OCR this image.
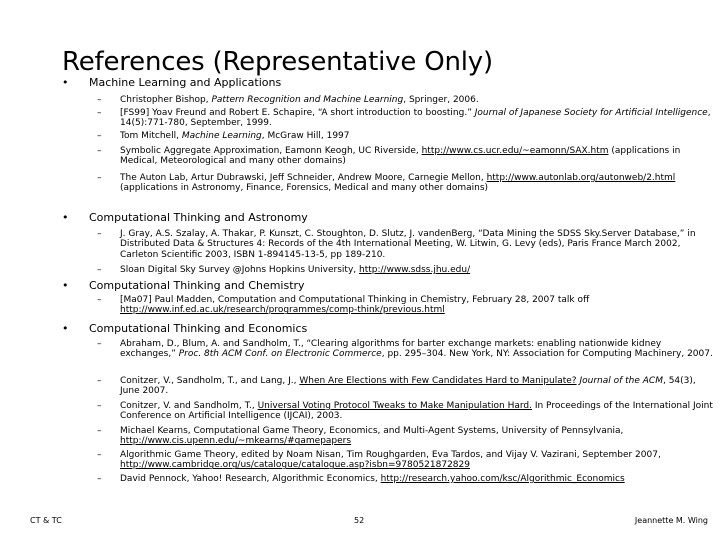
References (Representative Only)
• Machine Learning and Applications
– Christopher Bishop, Pattern Recognition and Machine Learning, Springer, 2006.
– [FS99] Yoav Freund and Robert E. Schapire, “A short introduction to boosting.” Journal of Japanese Society for Artificial Intelligence, 14(5):771-780, September, 1999.
– Tom Mitchell, Machine Learning, McGraw Hill, 1997
– Symbolic Aggregate Approximation, Eamonn Keogh, UC Riverside, http://www.cs.ucr.edu/~eamonn/SAX.htm (applications in Medical, Meteorological and many other domains)
– The Auton Lab, Artur Dubrawski, Jeff Schneider, Andrew Moore, Carnegie Mellon, http://www.autonlab.org/autonweb/2.html (applications in Astronomy, Finance, Forensics, Medical and many other domains)
• Computational Thinking and Astronomy
– J. Gray, A.S. Szalay, A. Thakar, P. Kunszt, C. Stoughton, D. Slutz, J. vandenBerg, “Data Mining the SDSS Sky.Server Database,” in Distributed Data & Structures 4: Records of the 4th International Meeting, W. Litwin, G. Levy (eds), Paris France March 2002, Carleton Scientific 2003, ISBN 1-894145-13-5, pp 189-210.
– Sloan Digital Sky Survey @Johns Hopkins University, http://www.sdss.jhu.edu/
• Computational Thinking and Chemistry
– [Ma07] Paul Madden, Computation and Computational Thinking in Chemistry, February 28, 2007 talk off http://www.inf.ed.ac.uk/research/programmes/comp-think/previous.html
• Computational Thinking and Economics
– Abraham, D., Blum, A. and Sandholm, T., “Clearing algorithms for barter exchange markets: enabling nationwide kidney exchanges,” Proc. 8th ACM Conf. on Electronic Commerce, pp. 295–304. New York, NY: Association for Computing Machinery, 2007.
– Conitzer, V., Sandholm, T., and Lang, J., When Are Elections with Few Candidates Hard to Manipulate? Journal of the ACM, 54(3), June 2007.
– Conitzer, V. and Sandholm, T., Universal Voting Protocol Tweaks to Make Manipulation Hard. In Proceedings of the International Joint Conference on Artificial Intelligence (IJCAI), 2003.
– Michael Kearns, Computational Game Theory, Economics, and Multi-Agent Systems, University of Pennsylvania, http://www.cis.upenn.edu/~mkearns/#gamepapers
– Algorithmic Game Theory, edited by Noam Nisan, Tim Roughgarden, Eva Tardos, and Vijay V. Vazirani, September 2007, http://www.cambridge.org/us/catalogue/catalogue.asp?isbn=9780521872829
– David Pennock, Yahoo! Research, Algorithmic Economics, http://research.yahoo.com/ksc/Algorithmic_Economics
CT & TC	52	Jeannette M. Wing
